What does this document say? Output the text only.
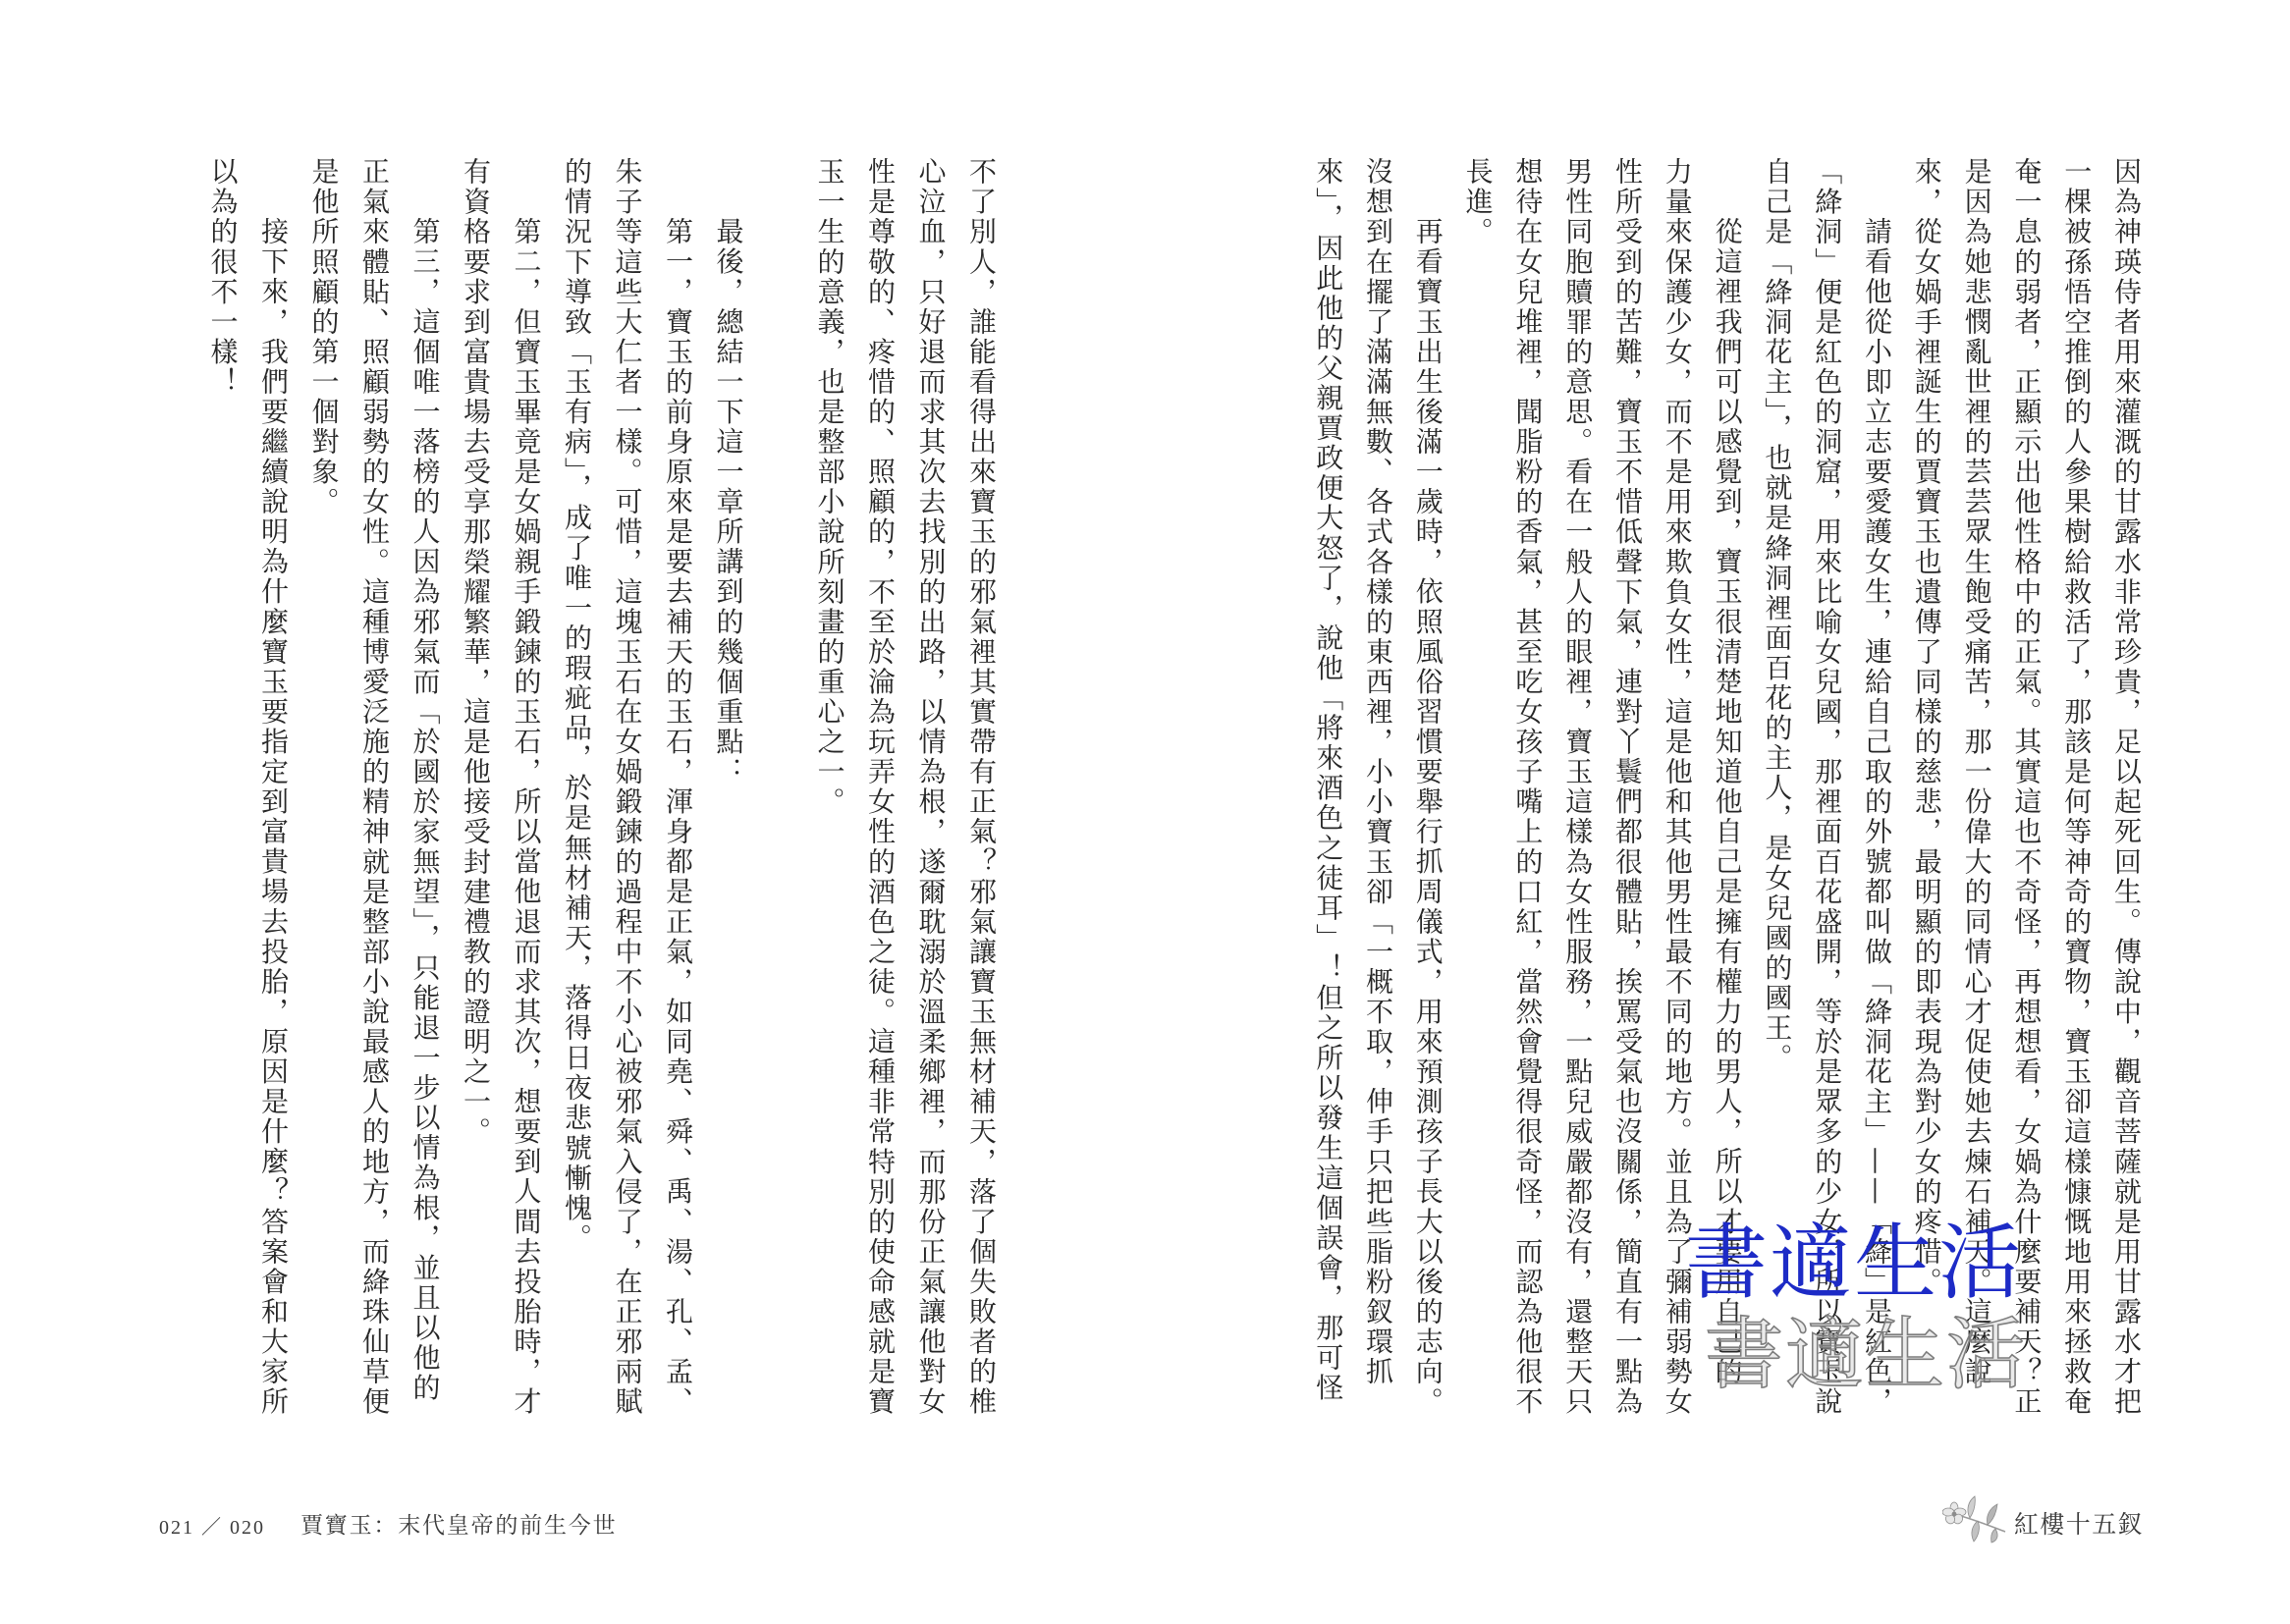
因為神瑛侍者用來灌溉的甘露水非常珍貴，足以起死回生。傳說中，觀音菩薩就是用甘露水才把
一棵被孫悟空推倒的人參果樹給救活了，那該是何等神奇的寶物，寶玉卻這樣慷慨地用來拯救奄
奄一息的弱者，正顯示出他性格中的正氣。其實這也不奇怪，再想想看，女媧為什麼要補天？正
是因為她悲憫亂世裡的芸芸眾生飽受痛苦，那一份偉大的同情心才促使她去煉石補天。這麼說
來，從女媧手裡誕生的賈寶玉也遺傳了同樣的慈悲，最明顯的即表現為對少女的疼惜。
請看他從小即立志要愛護女生，連給自己取的外號都叫做「絳洞花主」——「絳」是紅色，
「絳洞」便是紅色的洞窟，用來比喻女兒國，那裡面百花盛開，等於是眾多的少女，所以寶玉說
自己是「絳洞花主」，也就是絳洞裡面百花的主人，是女兒國的國王。
從這裡我們可以感覺到，寶玉很清楚地知道他自己是擁有權力的男人，所以才要用自己的
力量來保護少女，而不是用來欺負女性，這是他和其他男性最不同的地方。並且為了彌補弱勢女
性所受到的苦難，寶玉不惜低聲下氣，連對丫鬟們都很體貼，挨罵受氣也沒關係，簡直有一點為
男性同胞贖罪的意思。看在一般人的眼裡，寶玉這樣為女性服務，一點兒威嚴都沒有，還整天只
想待在女兒堆裡，聞脂粉的香氣，甚至吃女孩子嘴上的口紅，當然會覺得很奇怪，而認為他很不
長進。
再看寶玉出生後滿一歲時，依照風俗習慣要舉行抓周儀式，用來預測孩子長大以後的志向。
沒想到在擺了滿滿無數、各式各樣的東西裡，小小寶玉卻「一概不取，伸手只把些脂粉釵環抓
來」，因此他的父親賈政便大怒了，說他「將來酒色之徒耳」！但之所以發生這個誤會，那可怪
紅樓十五釵
不了別人，誰能看得出來寶玉的邪氣裡其實帶有正氣？邪氣讓寶玉無材補天，落了個失敗者的椎
心泣血，只好退而求其次去找別的出路，以情為根，遂爾耽溺於溫柔鄉裡，而那份正氣讓他對女
性是尊敬的、疼惜的、照顧的，不至於淪為玩弄女性的酒色之徒。這種非常特別的使命感就是寶
玉一生的意義，也是整部小說所刻畫的重心之一。
最後，總結一下這一章所講到的幾個重點：
第一，寶玉的前身原來是要去補天的玉石，渾身都是正氣，如同堯、舜、禹、湯、孔、孟、
朱子等這些大仁者一樣。可惜，這塊玉石在女媧鍛鍊的過程中不小心被邪氣入侵了，在正邪兩賦
的情況下導致「玉有病」，成了唯一的瑕疵品，於是無材補天，落得日夜悲號慚愧。
第二，但寶玉畢竟是女媧親手鍛鍊的玉石，所以當他退而求其次，想要到人間去投胎時，才
有資格要求到富貴場去受享那榮耀繁華，這是他接受封建禮教的證明之一。
第三，這個唯一落榜的人因為邪氣而「於國於家無望」，只能退一步以情為根，並且以他的
正氣來體貼、照顧弱勢的女性。這種博愛泛施的精神就是整部小說最感人的地方，而絳珠仙草便
是他所照顧的第一個對象。
接下來，我們要繼續說明為什麼寶玉要指定到富貴場去投胎，原因是什麼？答案會和大家所
以為的很不一樣！
021 ／ 020 賈寶玉：末代皇帝的前生今世
書適生活
書適生活
